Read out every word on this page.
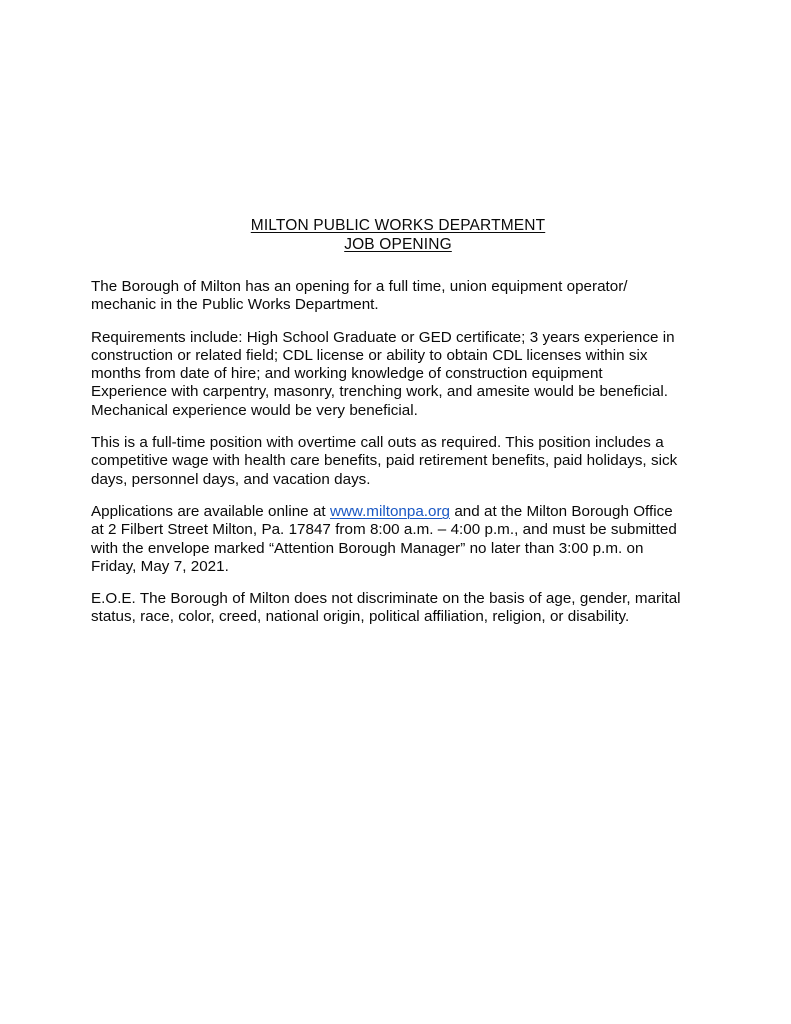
MILTON PUBLIC WORKS DEPARTMENT
JOB OPENING

The Borough of Milton has an opening for a full time, union equipment operator/
mechanic in the Public Works Department.

Requirements include: High School Graduate or GED certificate; 3 years experience in
construction or related field; CDL license or ability to obtain CDL licenses within six
months from date of hire; and working knowledge of construction equipment
Experience with carpentry, masonry, trenching work, and amesite would be beneficial.
Mechanical experience would be very beneficial.

This is a full-time position with overtime call outs as required. This position includes a
competitive wage with health care benefits, paid retirement benefits, paid holidays, sick
days, personnel days, and vacation days.

Applications are available online at www.miltonpa.org and at the Milton Borough Office
at 2 Filbert Street Milton, Pa. 17847 from 8:00 a.m. – 4:00 p.m., and must be submitted
with the envelope marked “Attention Borough Manager” no later than 3:00 p.m. on
Friday, May 7, 2021.

E.O.E. The Borough of Milton does not discriminate on the basis of age, gender, marital
status, race, color, creed, national origin, political affiliation, religion, or disability.
